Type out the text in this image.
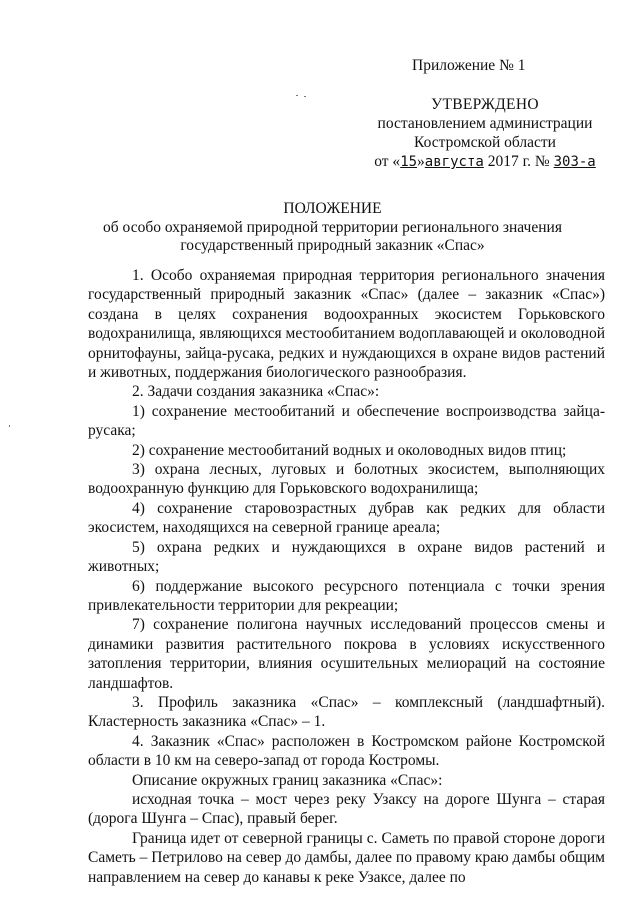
Приложение № 1
УТВЕРЖДЕНО
постановлением администрации
Костромской области
от «15»августа 2017 г. № 303-а
ПОЛОЖЕНИЕ
об особо охраняемой природной территории регионального значения
государственный природный заказник «Спас»

1. Особо охраняемая природная территория регионального значения государственный природный заказник «Спас» (далее – заказник «Спас») создана в целях сохранения водоохранных экосистем Горьковского водохранилища, являющихся местообитанием водоплавающей и околоводной орнитофауны, зайца-русака, редких и нуждающихся в охране видов растений и животных, поддержания биологического разнообразия.

2. Задачи создания заказника «Спас»:

1) сохранение местообитаний и обеспечение воспроизводства зайца-русака;

2) сохранение местообитаний водных и околоводных видов птиц;

3) охрана лесных, луговых и болотных экосистем, выполняющих водоохранную функцию для Горьковского водохранилища;

4) сохранение старовозрастных дубрав как редких для области экосистем, находящихся на северной границе ареала;

5) охрана редких и нуждающихся в охране видов растений и животных;

6) поддержание высокого ресурсного потенциала с точки зрения привлекательности территории для рекреации;

7) сохранение полигона научных исследований процессов смены и динамики развития растительного покрова в условиях искусственного затопления территории, влияния осушительных мелиораций на состояние ландшафтов.

3. Профиль заказника «Спас» – комплексный (ландшафтный). Кластерность заказника «Спас» – 1.

4. Заказник «Спас» расположен в Костромском районе Костромской области в 10 км на северо-запад от города Костромы.

Описание окружных границ заказника «Спас»:

исходная точка – мост через реку Узаксу на дороге Шунга – старая (дорога Шунга – Спас), правый берег.

Граница идет от северной границы с. Саметь по правой стороне дороги Саметь – Петрилово на север до дамбы, далее по правому краю дамбы общим направлением на север до канавы к реке Узаксе, далее по
